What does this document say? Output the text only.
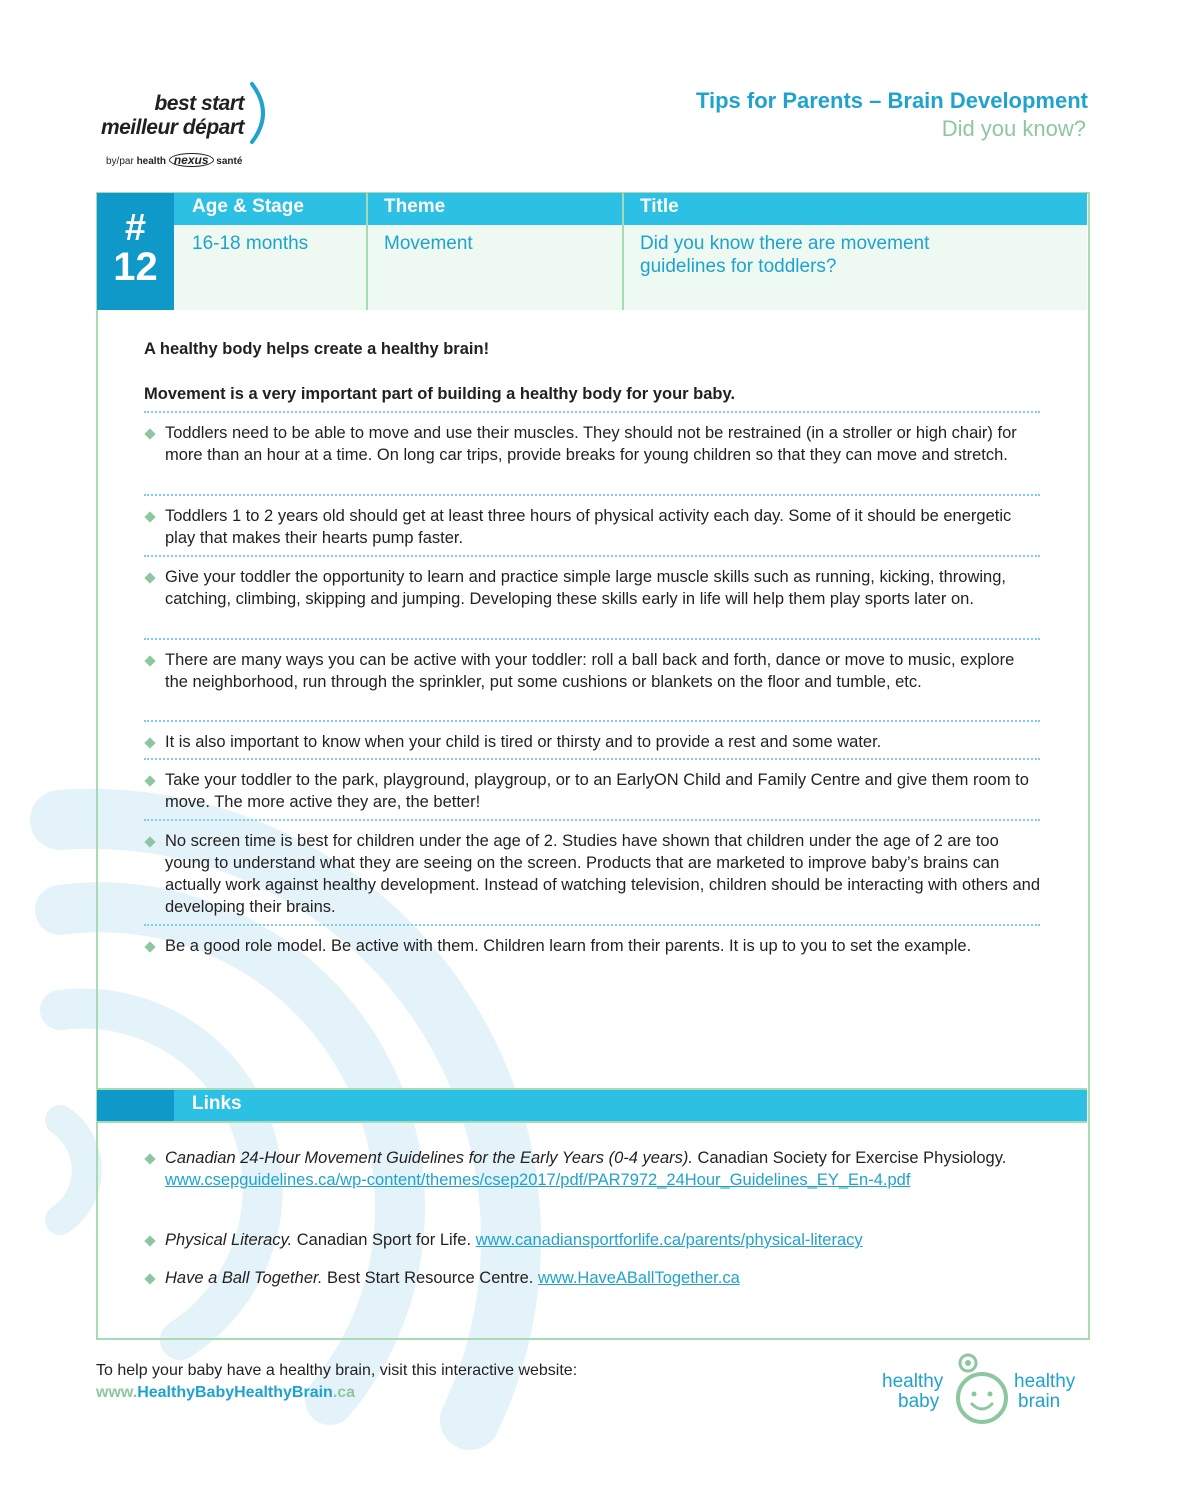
best start
meilleur départ
by/par health nexus santé
Tips for Parents – Brain Development
Did you know?
#
12
Age & Stage	Theme	Title
16-18 months	Movement	Did you know there are movement guidelines for toddlers?
A healthy body helps create a healthy brain!
Movement is a very important part of building a healthy body for your baby.
Toddlers need to be able to move and use their muscles. They should not be restrained (in a stroller or high chair) for more than an hour at a time. On long car trips, provide breaks for young children so that they can move and stretch.
Toddlers 1 to 2 years old should get at least three hours of physical activity each day. Some of it should be energetic play that makes their hearts pump faster.
Give your toddler the opportunity to learn and practice simple large muscle skills such as running, kicking, throwing, catching, climbing, skipping and jumping. Developing these skills early in life will help them play sports later on.
There are many ways you can be active with your toddler: roll a ball back and forth, dance or move to music, explore the neighborhood, run through the sprinkler, put some cushions or blankets on the floor and tumble, etc.
It is also important to know when your child is tired or thirsty and to provide a rest and some water.
Take your toddler to the park, playground, playgroup, or to an EarlyON Child and Family Centre and give them room to move. The more active they are, the better!
No screen time is best for children under the age of 2. Studies have shown that children under the age of 2 are too young to understand what they are seeing on the screen. Products that are marketed to improve baby’s brains can actually work against healthy development. Instead of watching television, children should be interacting with others and developing their brains.
Be a good role model. Be active with them. Children learn from their parents. It is up to you to set the example.
Links
Canadian 24-Hour Movement Guidelines for the Early Years (0-4 years). Canadian Society for Exercise Physiology.
www.csepguidelines.ca/wp-content/themes/csep2017/pdf/PAR7972_24Hour_Guidelines_EY_En-4.pdf
Physical Literacy. Canadian Sport for Life. www.canadiansportforlife.ca/parents/physical-literacy
Have a Ball Together. Best Start Resource Centre. www.HaveABallTogether.ca
To help your baby have a healthy brain, visit this interactive website:
www.HealthyBabyHealthyBrain.ca
healthy
baby
healthy
brain
